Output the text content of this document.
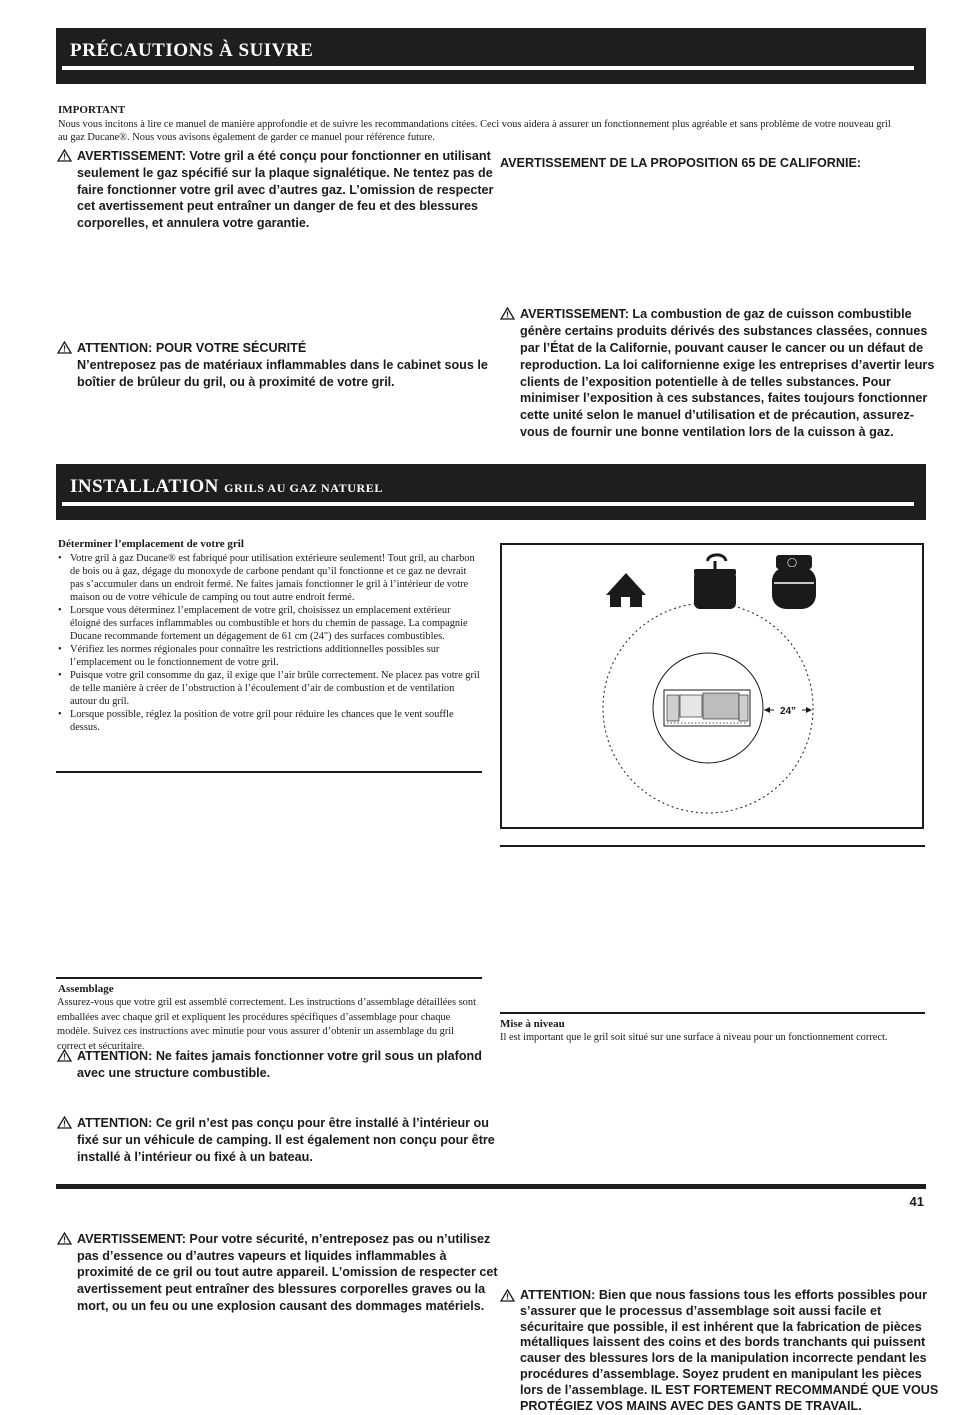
PRÉCAUTIONS À SUIVRE
IMPORTANT
Nous vous incitons à lire ce manuel de manière approfondie et de suivre les recommandations citées. Ceci vous aidera à assurer un fonctionnement plus agréable et sans problème de votre nouveau gril au gaz Ducane®. Nous vous avisons également de garder ce manuel pour référence future.
AVERTISSEMENT: Votre gril a été conçu pour fonctionner en utilisant seulement le gaz spécifié sur la plaque signalétique. Ne tentez pas de faire fonctionner votre gril avec d’autres gaz. L’omission de respecter cet avertissement peut entraîner un danger de feu et des blessures corporelles, et annulera votre garantie.
ATTENTION: POUR VOTRE SÉCURITÉ
N’entreposez pas de matériaux inflammables dans le cabinet sous le boîtier de brûleur du gril, ou à proximité de votre gril.
AVERTISSEMENT DE LA PROPOSITION 65 DE CALIFORNIE:
AVERTISSEMENT: La combustion de gaz de cuisson combustible génère certains produits dérivés des substances classées, connues par l’État de la Californie, pouvant causer le cancer ou un défaut de reproduction. La loi californienne exige les entreprises d’avertir leurs clients de l’exposition potentielle à de telles substances. Pour minimiser l’exposition à ces substances, faites toujours fonctionner cette unité selon le manuel d’utilisation et de précaution, assurez-vous de fournir une bonne ventilation lors de la cuisson à gaz.
INSTALLATION GRILS AU GAZ NATUREL
Déterminer l’emplacement de votre gril
• Votre gril à gaz Ducane® est fabriqué pour utilisation extérieure seulement! Tout gril, au charbon de bois ou à gaz, dégage du monoxyde de carbone pendant qu’il fonctionne et ce gaz ne devrait pas s’accumuler dans un endroit fermé. Ne faites jamais fonctionner le gril à l’intérieur de votre maison ou de votre véhicule de camping ou tout autre endroit fermé.
• Lorsque vous déterminez l’emplacement de votre gril, choisissez un emplacement extérieur éloigné des surfaces inflammables ou combustible et hors du chemin de passage. La compagnie Ducane recommande fortement un dégagement de 61 cm (24") des surfaces combustibles.
• Vérifiez les normes régionales pour connaître les restrictions additionnelles possibles sur l’emplacement ou le fonctionnement de votre gril.
• Puisque votre gril consomme du gaz, il exige que l’air brûle correctement. Ne placez pas votre gril de telle manière à créer de l’obstruction à l’écoulement d’air de combustion et de ventilation autour du gril.
• Lorsque possible, réglez la position de votre gril pour réduire les chances que le vent souffle dessus.
ATTENTION: Ne faites jamais fonctionner votre gril sous un plafond avec une structure combustible.
ATTENTION: Ce gril n’est pas conçu pour être installé à l’intérieur ou fixé sur un véhicule de camping. Il est également non conçu pour être installé à l’intérieur ou fixé à un bateau.
AVERTISSEMENT: Pour votre sécurité, n’entreposez pas ou n’utilisez pas d’essence ou d’autres vapeurs et liquides inflammables à proximité de ce gril ou tout autre appareil. L’omission de respecter cet avertissement peut entraîner des blessures corporelles graves ou la mort, ou un feu ou une explosion causant des dommages matériels.
Assemblage
Assurez-vous que votre gril est assemblé correctement. Les instructions d’assemblage détaillées sont emballées avec chaque gril et expliquent les procédures spécifiques d’assemblage pour chaque modèle. Suivez ces instructions avec minutie pour vous assurer d’obtenir un assemblage du gril correct et sécuritaire.
◯
24”
ATTENTION: Bien que nous fassions tous les efforts possibles pour s’assurer que le processus d’assemblage soit aussi facile et sécuritaire que possible, il est inhérent que la fabrication de pièces métalliques laissent des coins et des bords tranchants qui puissent causer des blessures lors de la manipulation incorrecte pendant les procédures d’assemblage. Soyez prudent en manipulant les pièces lors de l’assemblage. IL EST FORTEMENT RECOMMANDÉ QUE VOUS PROTÉGIEZ VOS MAINS AVEC DES GANTS DE TRAVAIL.
Mise à niveau
Il est important que le gril soit situé sur une surface à niveau pour un fonctionnement correct.
41
